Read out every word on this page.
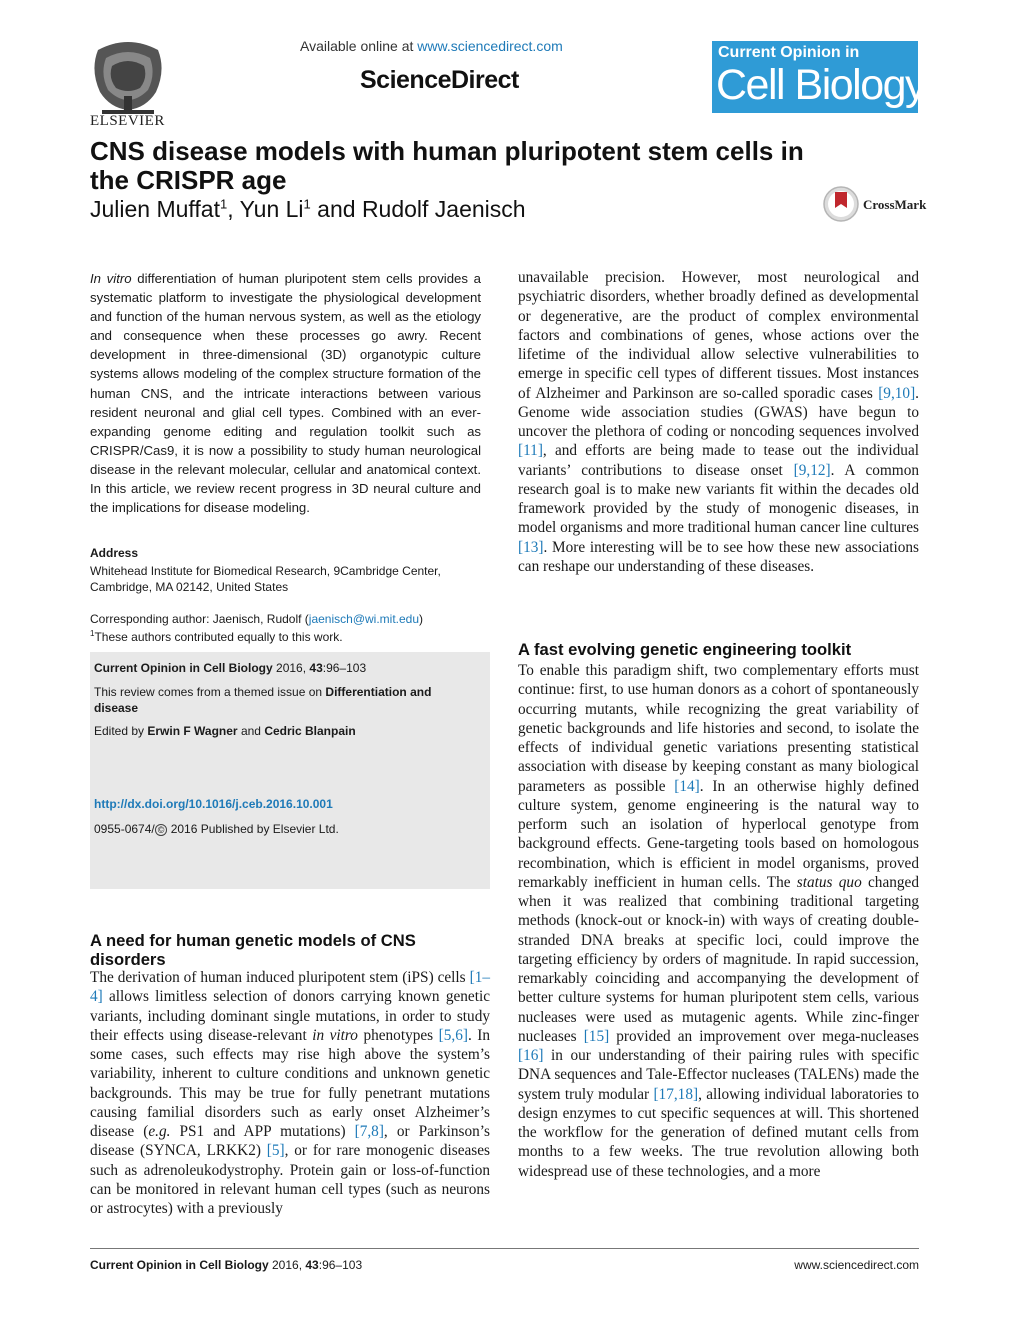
ELSEVIER
Available online at www.sciencedirect.com
ScienceDirect
Current Opinion in
Cell Biology
CNS disease models with human pluripotent stem cells in the CRISPR age
Julien Muffat$^1$, Yun Li$^1$ and Rudolf Jaenisch	CrossMark
In vitro differentiation of human pluripotent stem cells provides a systematic platform to investigate the physiological development and function of the human nervous system, as well as the etiology and consequence when these processes go awry. Recent development in three-dimensional (3D) organotypic culture systems allows modeling of the complex structure formation of the human CNS, and the intricate interactions between various resident neuronal and glial cell types. Combined with an ever-expanding genome editing and regulation toolkit such as CRISPR/Cas9, it is now a possibility to study human neurological disease in the relevant molecular, cellular and anatomical context. In this article, we review recent progress in 3D neural culture and the implications for disease modeling.
Address
Whitehead Institute for Biomedical Research, 9Cambridge Center,
Cambridge, MA 02142, United States
Corresponding author: Jaenisch, Rudolf (jaenisch@wi.mit.edu)
$^1$These authors contributed equally to this work.
Current Opinion in Cell Biology 2016, 43:96–103
This review comes from a themed issue on Differentiation and disease
Edited by Erwin F Wagner and Cedric Blanpain
http://dx.doi.org/10.1016/j.ceb.2016.10.001
0955-0674/ © 2016 Published by Elsevier Ltd.
A need for human genetic models of CNS disorders
The derivation of human induced pluripotent stem (iPS) cells [1–4] allows limitless selection of donors carrying known genetic variants, including dominant single mutations, in order to study their effects using disease-relevant in vitro phenotypes [5,6]. In some cases, such effects may rise high above the system’s variability, inherent to culture conditions and unknown genetic backgrounds. This may be true for fully penetrant mutations causing familial disorders such as early onset Alzheimer’s disease (e.g. PS1 and APP mutations) [7,8], or Parkinson’s disease (SYNCA, LRKK2) [5], or for rare monogenic diseases such as adrenoleukodystrophy. Protein gain or loss-of-function can be monitored in relevant human cell types (such as neurons or astrocytes) with a previously
unavailable precision. However, most neurological and psychiatric disorders, whether broadly defined as developmental or degenerative, are the product of complex environmental factors and combinations of genes, whose actions over the lifetime of the individual allow selective vulnerabilities to emerge in specific cell types of different tissues. Most instances of Alzheimer and Parkinson are so-called sporadic cases [9,10]. Genome wide association studies (GWAS) have begun to uncover the plethora of coding or noncoding sequences involved [11], and efforts are being made to tease out the individual variants’ contributions to disease onset [9,12]. A common research goal is to make new variants fit within the decades old framework provided by the study of monogenic diseases, in model organisms and more traditional human cancer line cultures [13]. More interesting will be to see how these new associations can reshape our understanding of these diseases.
A fast evolving genetic engineering toolkit
To enable this paradigm shift, two complementary efforts must continue: first, to use human donors as a cohort of spontaneously occurring mutants, while recognizing the great variability of genetic backgrounds and life histories and second, to isolate the effects of individual genetic variations presenting statistical association with disease by keeping constant as many biological parameters as possible [14]. In an otherwise highly defined culture system, genome engineering is the natural way to perform such an isolation of hyperlocal genotype from background effects. Gene-targeting tools based on homologous recombination, which is efficient in model organisms, proved remarkably inefficient in human cells. The status quo changed when it was realized that combining traditional targeting methods (knock-out or knock-in) with ways of creating double-stranded DNA breaks at specific loci, could improve the targeting efficiency by orders of magnitude. In rapid succession, remarkably coinciding and accompanying the development of better culture systems for human pluripotent stem cells, various nucleases were used as mutagenic agents. While zinc-finger nucleases [15] provided an improvement over mega-nucleases [16] in our understanding of their pairing rules with specific DNA sequences and Tale-Effector nucleases (TALENs) made the system truly modular [17,18], allowing individual laboratories to design enzymes to cut specific sequences at will. This shortened the workflow for the generation of defined mutant cells from months to a few weeks. The true revolution allowing both widespread use of these technologies, and a more
Current Opinion in Cell Biology 2016, 43:96–103	www.sciencedirect.com
